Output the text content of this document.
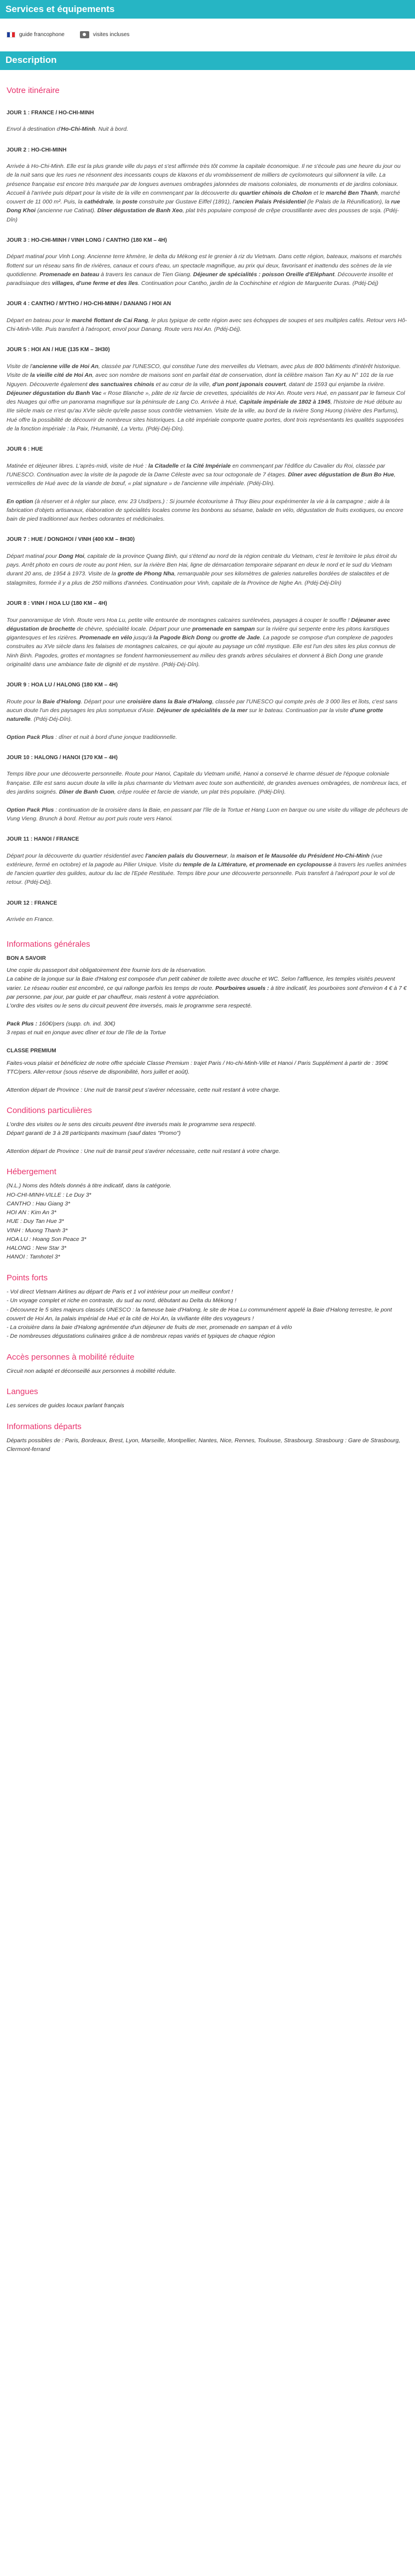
Services et équipements
guide francophone	visites incluses
Description
Votre itinéraire
JOUR 1 : FRANCE / HO-CHI-MINH

Envol à destination d'Ho-Chi-Minh. Nuit à bord.

JOUR 2 : HO-CHI-MINH

Arrivée à Ho-Chi-Minh. Elle est la plus grande ville du pays et s'est affirmée très tôt comme la capitale économique. Il ne s'écoule pas une heure du jour ou de la nuit sans que les rues ne résonnent des incessants coups de klaxons et du vrombissement de milliers de cyclomoteurs qui sillonnent la ville. La présence française est encore très marquée par de longues avenues ombragées jalonnées de maisons coloniales, de monuments et de jardins coloniaux. Accueil à l'arrivée puis départ pour la visite de la ville en commençant par la découverte du quartier chinois de Cholon et le marché Ben Thanh, marché couvert de 11 000 m². Puis, la cathédrale, la poste construite par Gustave Eiffel (1891), l'ancien Palais Présidentiel (le Palais de la Réunification), la rue Dong Khoi (ancienne rue Catinat). Dîner dégustation de Banh Xeo, plat très populaire composé de crêpe croustillante avec des pousses de soja. (Pdéj-Dîn)

JOUR 3 : HO-CHI-MINH / VINH LONG / CANTHO (180 KM – 4H)

Départ matinal pour Vinh Long. Ancienne terre khmère, le delta du Mékong est le grenier à riz du Vietnam. Dans cette région, bateaux, maisons et marchés flottent sur un réseau sans fin de rivières, canaux et cours d'eau, un spectacle magnifique, au prix qui deux, favorisant et inattendu des scènes de la vie quotidienne. Promenade en bateau à travers les canaux de Tien Giang. Déjeuner de spécialités : poisson Oreille d'Eléphant. Découverte insolite et paradisiaque des villages, d'une ferme et des îles. Continuation pour Cantho, jardin de la Cochinchine et région de Marguerite Duras. (Pdéj-Déj)

JOUR 4 : CANTHO / MYTHO / HO-CHI-MINH / DANANG / HOI AN

Départ en bateau pour le marché flottant de Cai Rang, le plus typique de cette région avec ses échoppes de soupes et ses multiples cafés. Retour vers Hô-Chi-Minh-Ville. Puis transfert à l'aéroport, envol pour Danang. Route vers Hoi An. (Pdéj-Déj).

JOUR 5 : HOI AN / HUE (135 KM – 3H30)

Visite de l'ancienne ville de Hoi An, classée par l'UNESCO, qui constitue l'une des merveilles du Vietnam, avec plus de 800 bâtiments d'intérêt historique. Visite de la vieille cité de Hoi An, avec son nombre de maisons sont en parfait état de conservation, dont la célèbre maison Tan Ky au N° 101 de la rue Nguyen. Découverte également des sanctuaires chinois et au cœur de la ville, d'un pont japonais couvert, datant de 1593 qui enjambe la rivière. Déjeuner dégustation du Banh Vac « Rose Blanche », pâte de riz farcie de crevettes, spécialités de Hoi An. Route vers Hué, en passant par le fameux Col des Nuages qui offre un panorama magnifique sur la péninsule de Lang Co. Arrivée à Hué, Capitale impériale de 1802 à 1945, l'histoire de Hué débute au IIIe siècle mais ce n'est qu'au XVIe siècle qu'elle passe sous contrôle vietnamien. Visite de la ville, au bord de la rivière Song Huong (rivière des Parfums), Hué offre la possibilité de découvrir de nombreux sites historiques. La cité impériale comporte quatre portes, dont trois représentants les qualités supposées de la fonction impériale : la Paix, l'Humanité, La Vertu. (Pdéj-Déj-Dîn).

JOUR 6 : HUE

Matinée et déjeuner libres. L'après-midi, visite de Hué : la Citadelle et la Cité Impériale en commençant par l'édifice du Cavalier du Roi, classée par l'UNESCO. Continuation avec la visite de la pagode de la Dame Céleste avec sa tour octogonale de 7 étages. Dîner avec dégustation de Bun Bo Hue, vermicelles de Hué avec de la viande de bœuf, « plat signature » de l'ancienne ville impériale. (Pdéj-Dîn).

En option (à réserver et à régler sur place, env. 23 Usd/pers.) : Si journée écotourisme à Thuy Bieu pour expérimenter la vie à la campagne ; aide à la fabrication d'objets artisanaux, élaboration de spécialités locales comme les bonbons au sésame, balade en vélo, dégustation de fruits exotiques, ou encore bain de pied traditionnel aux herbes odorantes et médicinales.

JOUR 7 : HUE / DONGHOI / VINH (400 KM – 8H30)

Départ matinal pour Dong Hoi, capitale de la province Quang Binh, qui s'étend au nord de la région centrale du Vietnam, c'est le territoire le plus étroit du pays. Arrêt photo en cours de route au pont Hien, sur la rivière Ben Hai, ligne de démarcation temporaire séparant en deux le nord et le sud du Vietnam durant 20 ans, de 1954 à 1973. Visite de la grotte de Phong Nha, remarquable pour ses kilomètres de galeries naturelles bordées de stalactites et de stalagmites, formée il y a plus de 250 millions d'années. Continuation pour Vinh, capitale de la Province de Nghe An. (Pdéj-Déj-Dîn)

JOUR 8 : VINH / HOA LU (180 KM – 4H)

Tour panoramique de Vinh. Route vers Hoa Lu, petite ville entourée de montagnes calcaires surélevées, paysages à couper le souffle ! Déjeuner avec dégustation de brochette de chèvre, spécialité locale. Départ pour une promenade en sampan sur la rivière qui serpente entre les pitons karstiques gigantesques et les rizières. Promenade en vélo jusqu'à la Pagode Bich Dong ou grotte de Jade. La pagode se compose d'un complexe de pagodes construites au XVe siècle dans les falaises de montagnes calcaires, ce qui ajoute au paysage un côté mystique. Elle est l'un des sites les plus connus de Ninh Binh. Pagodes, grottes et montagnes se fondent harmonieusement au milieu des grands arbres séculaires et donnent à Bich Dong une grande originalité dans une ambiance faite de dignité et de mystère. (Pdéj-Déj-Dîn).

JOUR 9 : HOA LU / HALONG (180 KM – 4H)

Route pour la Baie d'Halong. Départ pour une croisière dans la Baie d'Halong, classée par l'UNESCO qui compte près de 3 000 îles et îlots, c'est sans aucun doute l'un des paysages les plus somptueux d'Asie. Déjeuner de spécialités de la mer sur le bateau. Continuation par la visite d'une grotte naturelle. (Pdéj-Déj-Dîn).

Option Pack Plus : dîner et nuit à bord d'une jonque traditionnelle.

JOUR 10 : HALONG / HANOI (170 KM – 4H)

Temps libre pour une découverte personnelle. Route pour Hanoi, Capitale du Vietnam unifié, Hanoi a conservé le charme désuet de l'époque coloniale française. Elle est sans aucun doute la ville la plus charmante du Vietnam avec toute son authenticité, de grandes avenues ombragées, de nombreux lacs, et des jardins soignés. Dîner de Banh Cuon, crêpe roulée et farcie de viande, un plat très populaire. (Pdéj-Dîn).

Option Pack Plus : continuation de la croisière dans la Baie, en passant par l'île de la Tortue et Hang Luon en barque ou une visite du village de pêcheurs de Vung Vieng. Brunch à bord. Retour au port puis route vers Hanoi.

JOUR 11 : HANOI / FRANCE

Départ pour la découverte du quartier résidentiel avec l'ancien palais du Gouverneur, la maison et le Mausolée du Président Ho-Chi-Minh (vue extérieure, fermé en octobre) et la pagode au Pilier Unique. Visite du temple de la Littérature, et promenade en cyclopousse à travers les ruelles animées de l'ancien quartier des guildes, autour du lac de l'Epée Restituée. Temps libre pour une découverte personnelle. Puis transfert à l'aéroport pour le vol de retour. (Pdéj-Déj).

JOUR 12 : FRANCE

Arrivée en France.

Informations générales
BON A SAVOIR

Une copie du passeport doit obligatoirement être fournie lors de la réservation.
La cabine de la jonque sur la Baie d'Halong est composée d'un petit cabinet de toilette avec douche et WC. Selon l'affluence, les temples visités peuvent varier. Le réseau routier est encombré, ce qui rallonge parfois les temps de route. Pourboires usuels : à titre indicatif, les pourboires sont d'environ 4 € à 7 € par personne, par jour, par guide et par chauffeur, mais restent à votre appréciation.
L'ordre des visites ou le sens du circuit peuvent être inversés, mais le programme sera respecté.

Pack Plus : 160€/pers (supp. ch. ind. 30€)
3 repas et nuit en jonque avec dîner et tour de l'île de la Tortue

CLASSE PREMIUM

Faites-vous plaisir et bénéficiez de notre offre spéciale Classe Premium : trajet Paris / Ho-chi-Minh-Ville et Hanoi / Paris Supplément à partir de : 399€ TTC/pers. Aller-retour (sous réserve de disponibilité, hors juillet et août).

Attention départ de Province : Une nuit de transit peut s'avérer nécessaire, cette nuit restant à votre charge.

Conditions particulières

L'ordre des visites ou le sens des circuits peuvent être inversés mais le programme sera respecté.
Départ garanti de 3 à 28 participants maximum (sauf dates "Promo")

Attention départ de Province : Une nuit de transit peut s'avérer nécessaire, cette nuit restant à votre charge.

Hébergement

(N.L.) Noms des hôtels donnés à titre indicatif, dans la catégorie.
HO-CHI-MINH-VILLE : Le Duy 3*
CANTHO : Hau Giang 3*
HOI AN : Kim An 3*
HUE : Duy Tan Hue 3*
VINH : Muong Thanh 3*
HOA LU : Hoang Son Peace 3*
HALONG : New Star 3*
HANOI : Tamhotel 3*

Points forts

- Vol direct Vietnam Airlines au départ de Paris et 1 vol intérieur pour un meilleur confort !
- Un voyage complet et riche en contraste, du sud au nord, débutant au Delta du Mékong !
- Découvrez le 5 sites majeurs classés UNESCO : la fameuse baie d'Halong, le site de Hoa Lu communément appelé la Baie d'Halong terrestre, le pont couvert de Hoi An, la palais impérial de Hué et la cité de Hoi An, la vivifiante élite des voyageurs !
- La croisière dans la baie d'Halong agrémentée d'un déjeuner de fruits de mer, promenade en sampan et à vélo
- De nombreuses dégustations culinaires grâce à de nombreux repas variés et typiques de chaque région

Accès personnes à mobilité réduite

Circuit non adapté et déconseillé aux personnes à mobilité réduite.

Langues

Les services de guides locaux parlant français

Informations départs

Départs possibles de : Paris, Bordeaux, Brest, Lyon, Marseille, Montpellier, Nantes, Nice, Rennes, Toulouse, Strasbourg. Strasbourg : Gare de Strasbourg, Clermont-ferrand
